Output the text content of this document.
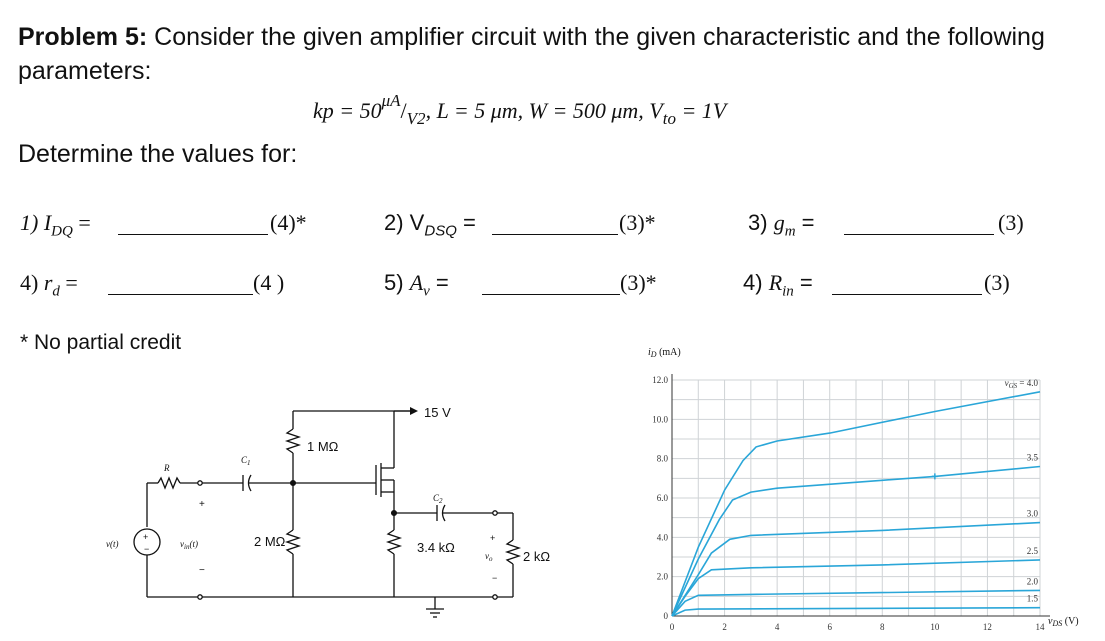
Problem 5: Consider the given amplifier circuit with the given characteristic and the following parameters:
kp = $50^{\mu A}/_{V2}$, L = 5 μm, W = 500 μm, $V_{to} = 1V$
Determine the values for:
1) $I_{DQ}$ =	(4)*	2) $V_{DSQ}$ =	(3)*	3) $g_m$ =	(3)
4) $r_d$ =	(4 )	5) $A_v$ =	(3)*	4) $R_{in}$ =	(3)
* No partial credit
+
−
v(t)
R
+
$v_{in}(t)$
−
$C_1$
1 MΩ
2 MΩ
15 V
$C_2$
3.4 kΩ
2 kΩ
+
$v_o$
−
0	2	4	6	8	10	12	14
0
2.0
4.0
6.0
8.0
10.0
12.0	$v_{GS} = 4.0$
3.5
3.0
2.5
2.0
1.5
$i_D$ (mA)
$v_{DS}$ (V)
